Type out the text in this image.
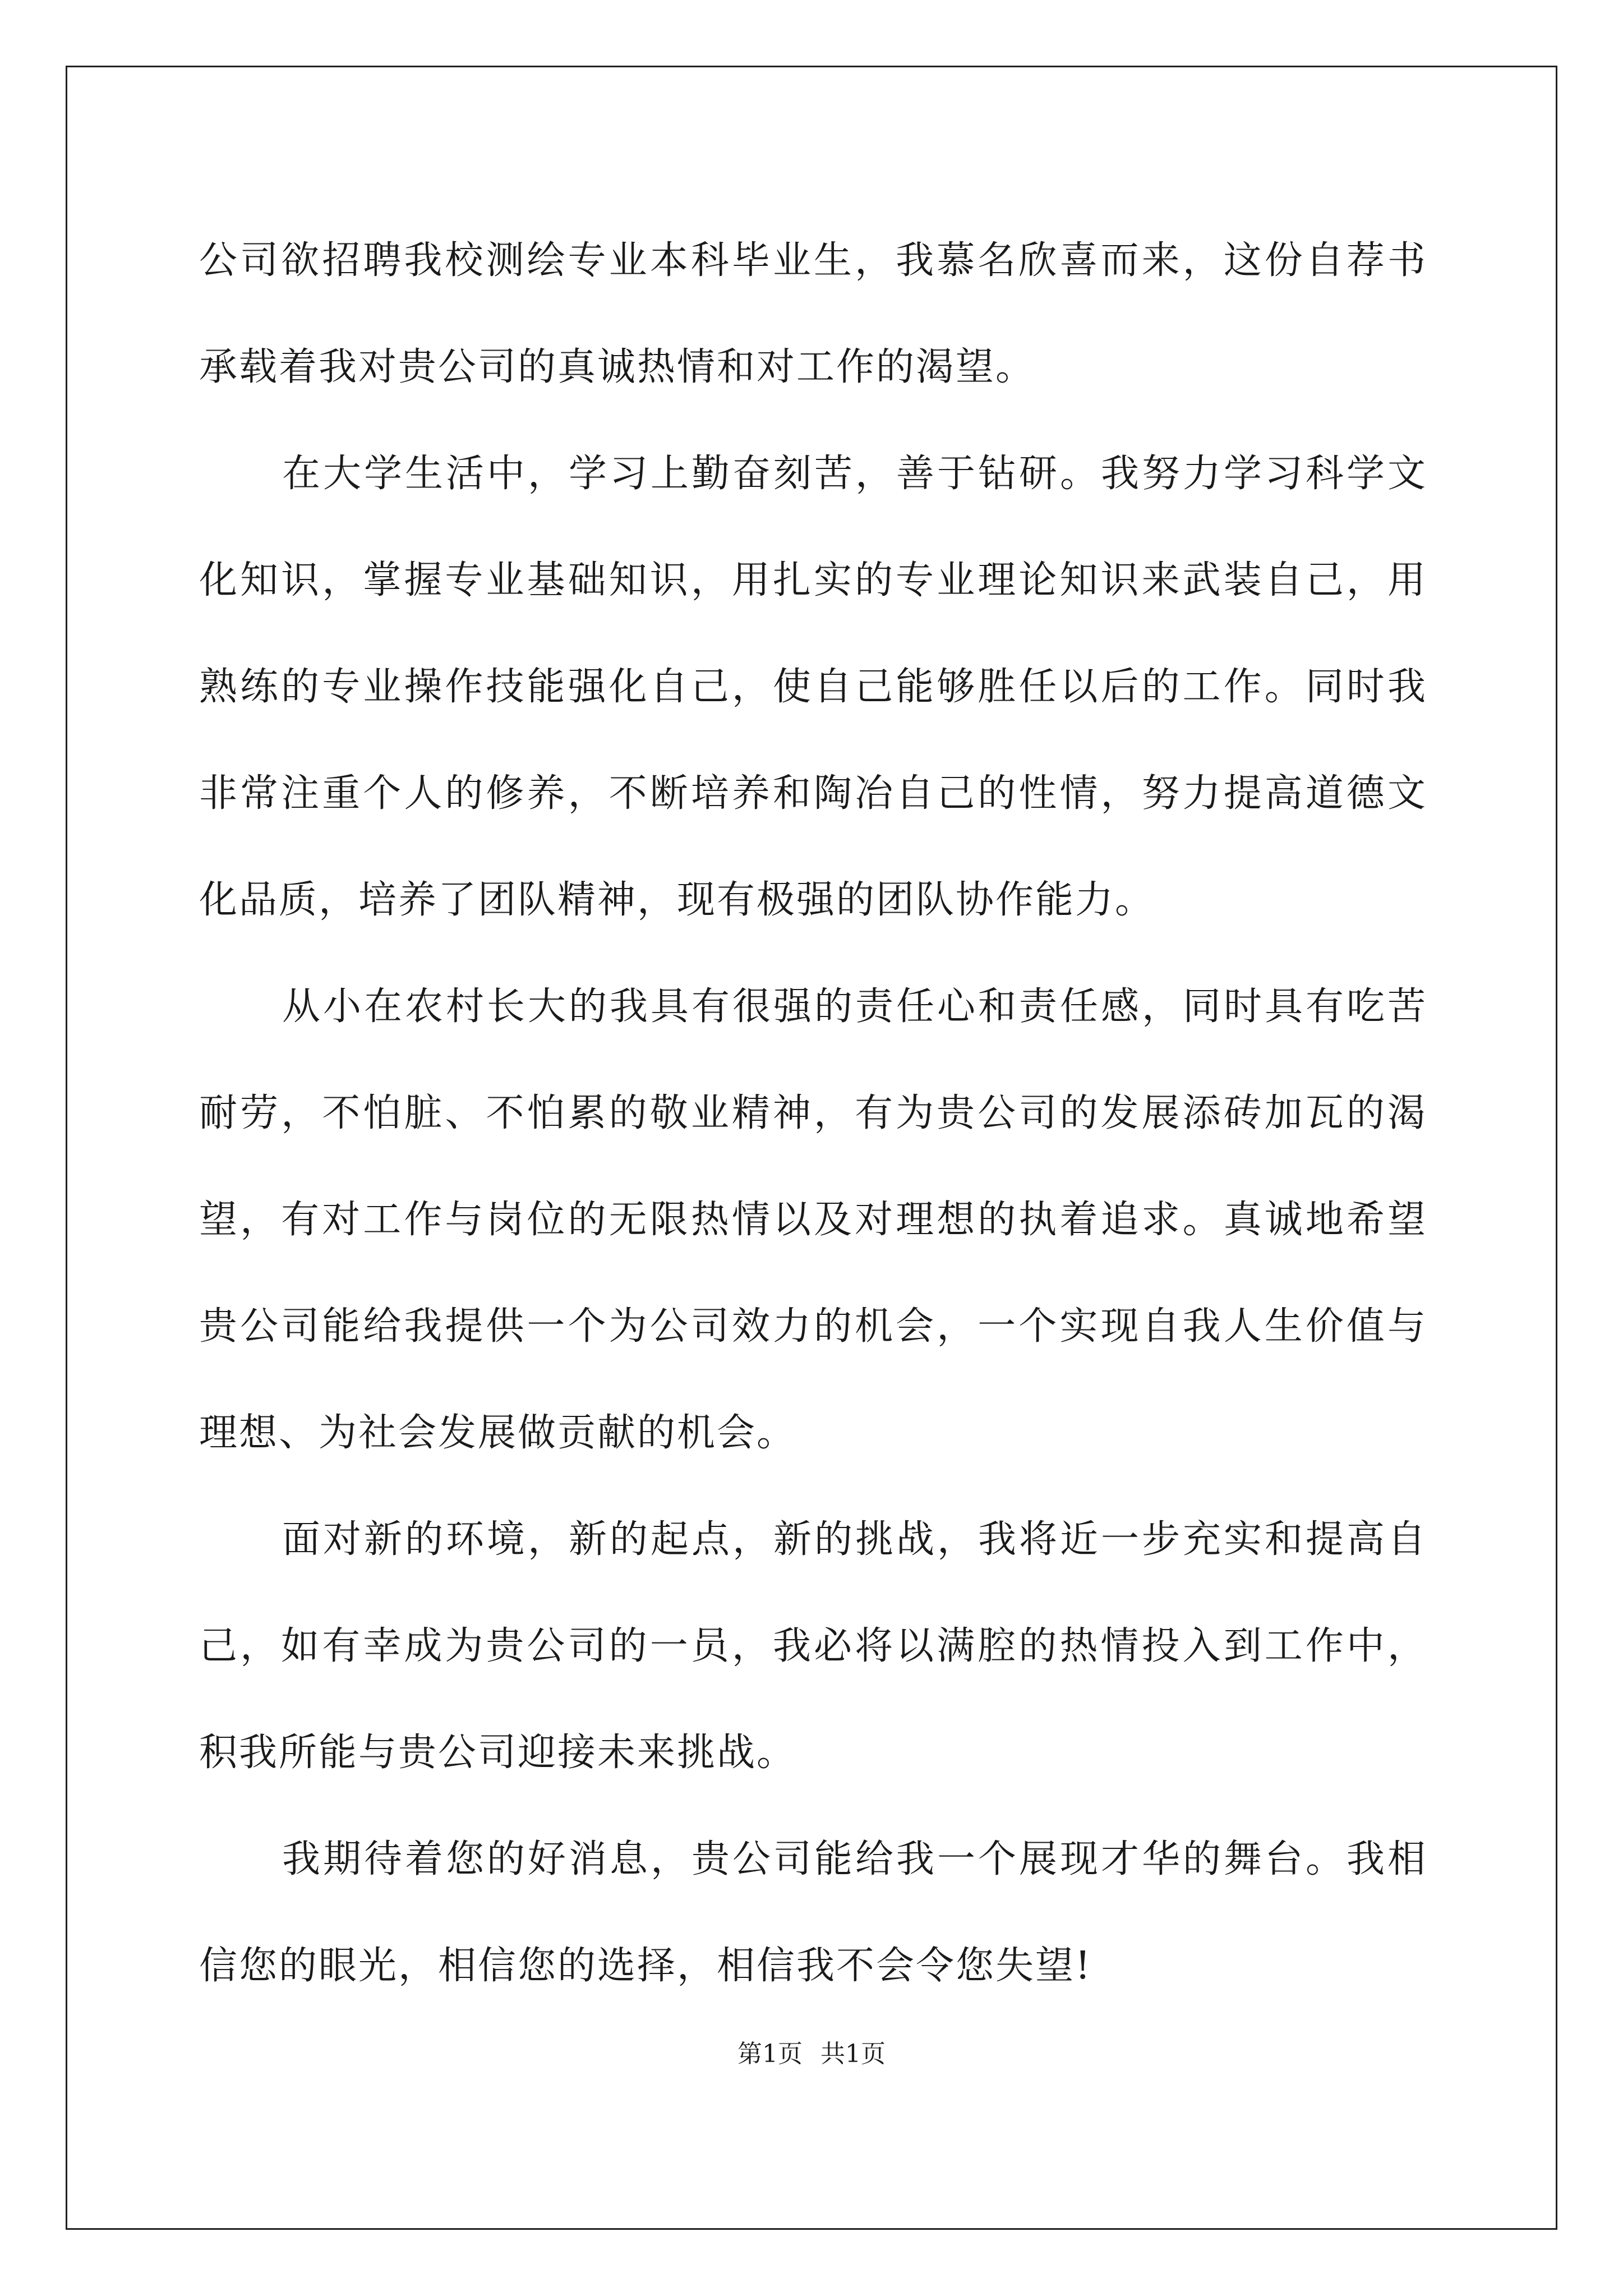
公司欲招聘我校测绘专业本科毕业生，我慕名欣喜而来，这份自荐书承载着我对贵公司的真诚热情和对工作的渴望。

在大学生活中，学习上勤奋刻苦，善于钻研。我努力学习科学文化知识，掌握专业基础知识，用扎实的专业理论知识来武装自己，用熟练的专业操作技能强化自己，使自己能够胜任以后的工作。同时我非常注重个人的修养，不断培养和陶冶自己的性情，努力提高道德文化品质，培养了团队精神，现有极强的团队协作能力。

从小在农村长大的我具有很强的责任心和责任感，同时具有吃苦耐劳，不怕脏、不怕累的敬业精神，有为贵公司的发展添砖加瓦的渴望，有对工作与岗位的无限热情以及对理想的执着追求。真诚地希望贵公司能给我提供一个为公司效力的机会，一个实现自我人生价值与理想、为社会发展做贡献的机会。

面对新的环境，新的起点，新的挑战，我将近一步充实和提高自己，如有幸成为贵公司的一员，我必将以满腔的热情投入到工作中，积我所能与贵公司迎接未来挑战。

我期待着您的好消息，贵公司能给我一个展现才华的舞台。我相信您的眼光，相信您的选择，相信我不会令您失望!

第1页 共1页
